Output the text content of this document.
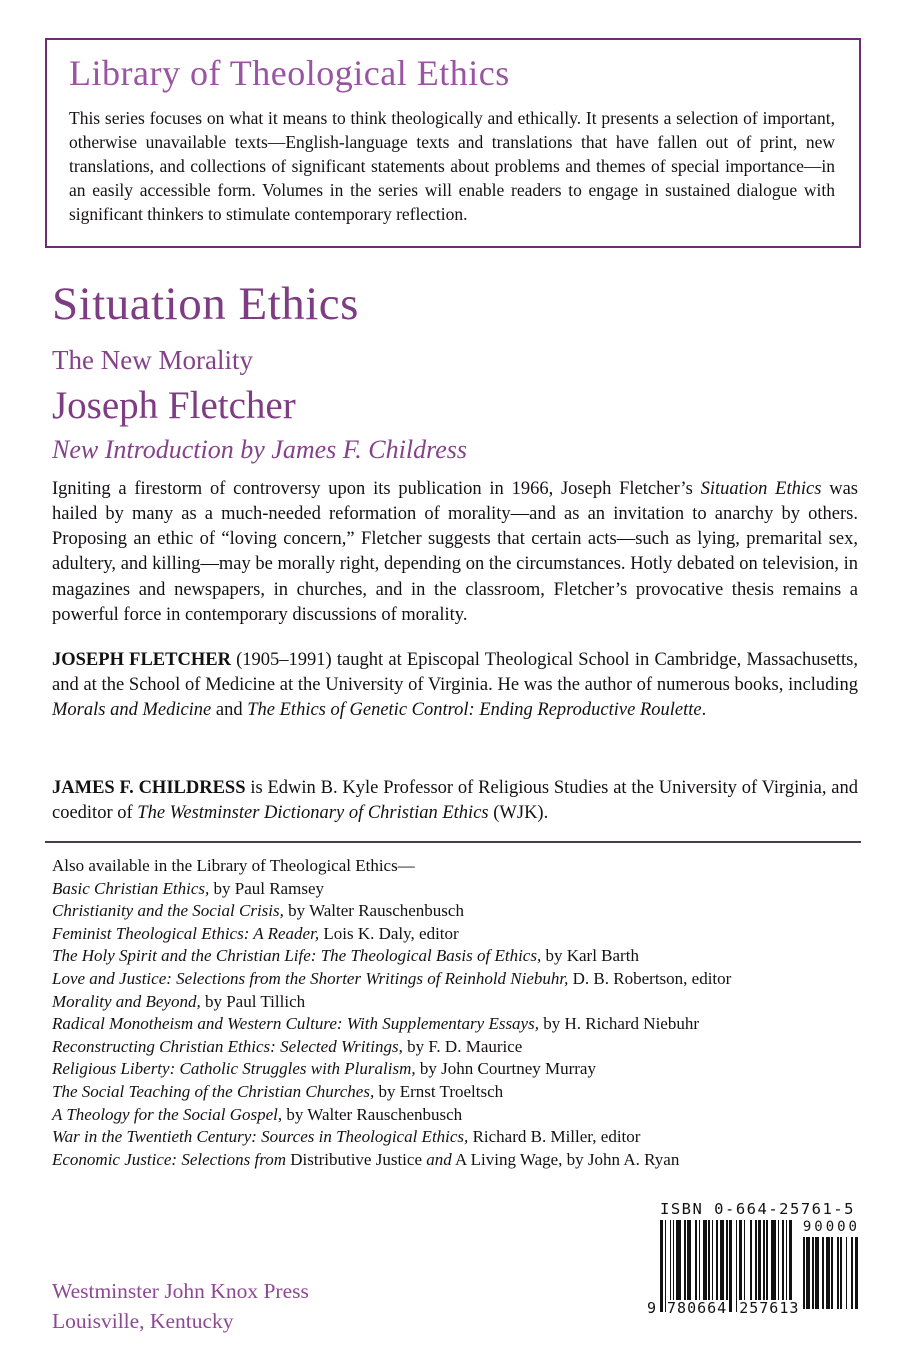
Library of Theological Ethics

This series focuses on what it means to think theologically and ethically. It presents a selection of important, otherwise unavailable texts—English-language texts and translations that have fallen out of print, new translations, and collections of significant statements about problems and themes of special importance—in an easily accessible form. Volumes in the series will enable readers to engage in sustained dialogue with significant thinkers to stimulate contemporary reflection.

Situation Ethics
The New Morality
Joseph Fletcher
New Introduction by James F. Childress

Igniting a firestorm of controversy upon its publication in 1966, Joseph Fletcher’s Situation Ethics was hailed by many as a much-needed reformation of morality—and as an invitation to anarchy by others. Proposing an ethic of “loving concern,” Fletcher suggests that certain acts—such as lying, premarital sex, adultery, and killing—may be morally right, depending on the circumstances. Hotly debated on television, in magazines and newspapers, in churches, and in the classroom, Fletcher’s provocative thesis remains a powerful force in contemporary discussions of morality.

JOSEPH FLETCHER (1905–1991) taught at Episcopal Theological School in Cambridge, Massachusetts, and at the School of Medicine at the University of Virginia. He was the author of numerous books, including Morals and Medicine and The Ethics of Genetic Control: Ending Reproductive Roulette.

JAMES F. CHILDRESS is Edwin B. Kyle Professor of Religious Studies at the University of Virginia, and coeditor of The Westminster Dictionary of Christian Ethics (WJK).

Also available in the Library of Theological Ethics—
Basic Christian Ethics, by Paul Ramsey
Christianity and the Social Crisis, by Walter Rauschenbusch
Feminist Theological Ethics: A Reader, Lois K. Daly, editor
The Holy Spirit and the Christian Life: The Theological Basis of Ethics, by Karl Barth
Love and Justice: Selections from the Shorter Writings of Reinhold Niebuhr, D. B. Robertson, editor
Morality and Beyond, by Paul Tillich
Radical Monotheism and Western Culture: With Supplementary Essays, by H. Richard Niebuhr
Reconstructing Christian Ethics: Selected Writings, by F. D. Maurice
Religious Liberty: Catholic Struggles with Pluralism, by John Courtney Murray
The Social Teaching of the Christian Churches, by Ernst Troeltsch
A Theology for the Social Gospel, by Walter Rauschenbusch
War in the Twentieth Century: Sources in Theological Ethics, Richard B. Miller, editor
Economic Justice: Selections from Distributive Justice and A Living Wage, by John A. Ryan
Westminster John Knox Press
Louisville, Kentucky
ISBN 0-664-25761-5
9 780664 257613
90000
